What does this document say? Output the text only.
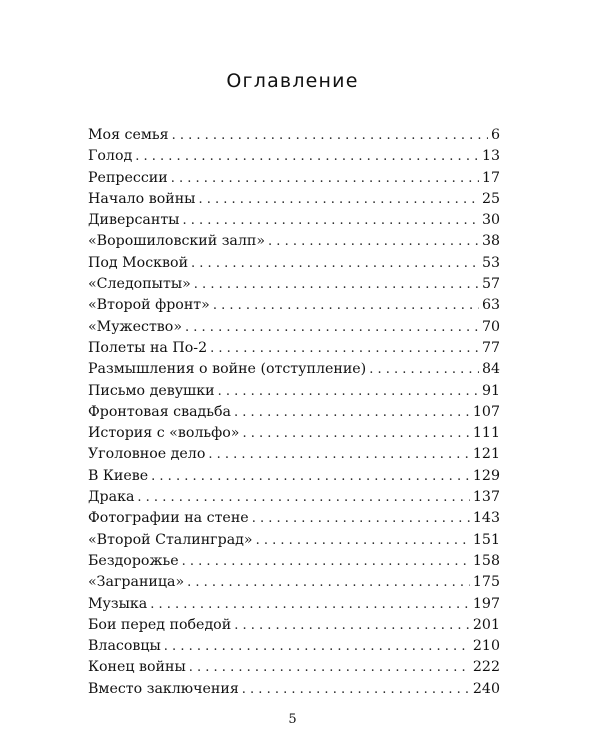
Оглавление
Моя семья . . .	6
Голод . . .	13
Репрессии . . .	17
Начало войны . . .	25
Диверсанты . . .	30
«Ворошиловский залп» . . .	38
Под Москвой . . .	53
«Следопыты» . . .	57
«Второй фронт» . . .	63
«Мужество» . . .	70
Полеты на По-2 . . .	77
Размышления о войне (отступление) . . .	84
Письмо девушки . . .	91
Фронтовая свадьба . . .	107
История с «вольфо» . . .	111
Уголовное дело . . .	121
В Киеве . . .	129
Драка . . .	137
Фотографии на стене . . .	143
«Второй Сталинград» . . .	151
Бездорожье . . .	158
«Заграница» . . .	175
Музыка . . .	197
Бои перед победой . . .	201
Власовцы . . .	210
Конец войны . . .	222
Вместо заключения . . .	240
5
